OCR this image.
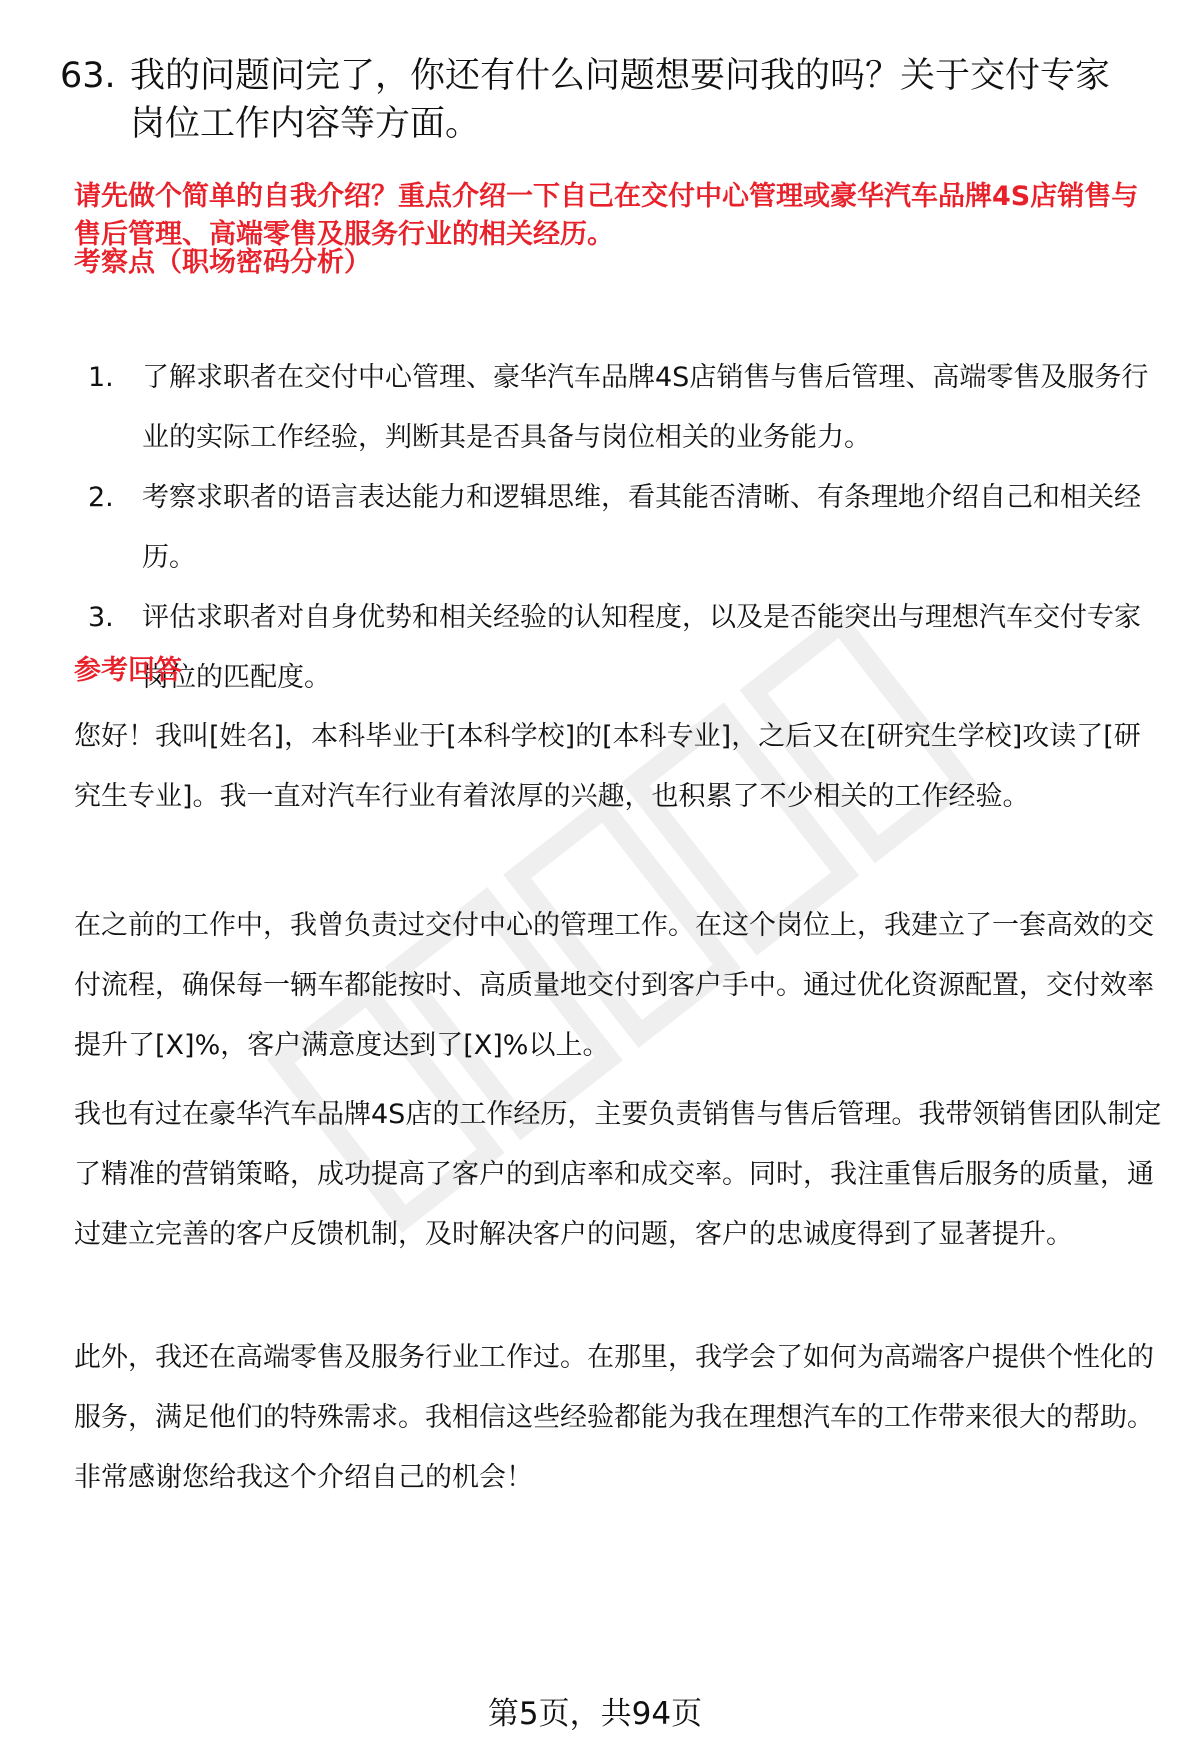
63. 我的问题问完了，你还有什么问题想要问我的吗？关于交付专家岗位工作内容等方面。
请先做个简单的自我介绍？重点介绍一下自己在交付中心管理或豪华汽车品牌4S店销售与售后管理、高端零售及服务行业的相关经历。
考察点（职场密码分析）
1.	了解求职者在交付中心管理、豪华汽车品牌4S店销售与售后管理、高端零售及服务行业的实际工作经验，判断其是否具备与岗位相关的业务能力。
2.	考察求职者的语言表达能力和逻辑思维，看其能否清晰、有条理地介绍自己和相关经历。
3.	评估求职者对自身优势和相关经验的认知程度，以及是否能突出与理想汽车交付专家岗位的匹配度。
参考回答

您好！我叫[姓名]，本科毕业于[本科学校]的[本科专业]，之后又在[研究生学校]攻读了[研究生专业]。我一直对汽车行业有着浓厚的兴趣，也积累了不少相关的工作经验。

在之前的工作中，我曾负责过交付中心的管理工作。在这个岗位上，我建立了一套高效的交付流程，确保每一辆车都能按时、高质量地交付到客户手中。通过优化资源配置，交付效率提升了[X]%，客户满意度达到了[X]%以上。

我也有过在豪华汽车品牌4S店的工作经历，主要负责销售与售后管理。我带领销售团队制定了精准的营销策略，成功提高了客户的到店率和成交率。同时，我注重售后服务的质量，通过建立完善的客户反馈机制，及时解决客户的问题，客户的忠诚度得到了显著提升。

此外，我还在高端零售及服务行业工作过。在那里，我学会了如何为高端客户提供个性化的服务，满足他们的特殊需求。我相信这些经验都能为我在理想汽车的工作带来很大的帮助。非常感谢您给我这个介绍自己的机会！

第5页，共94页
